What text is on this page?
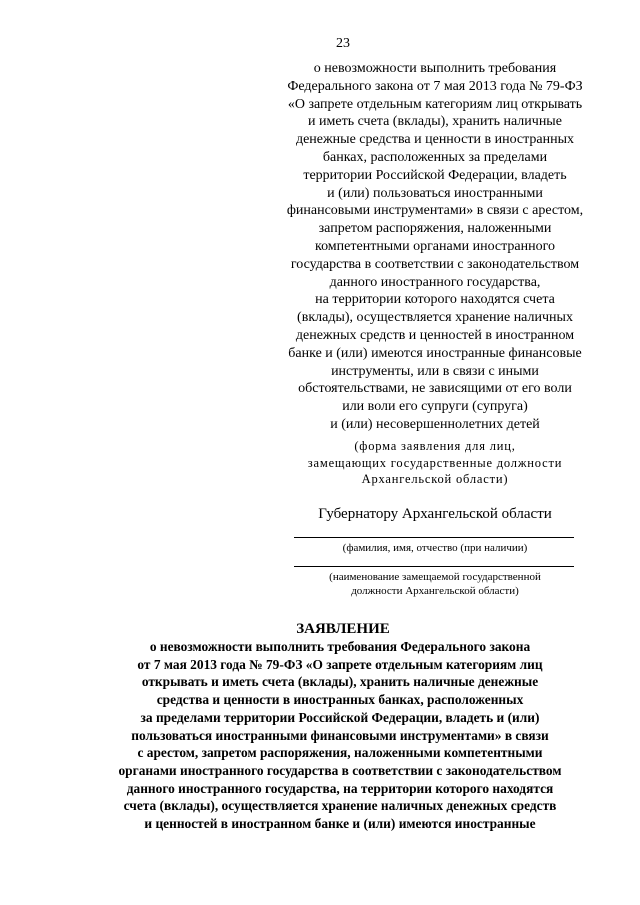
23
о невозможности выполнить требования
Федерального закона от 7 мая 2013 года № 79-ФЗ
«О запрете отдельным категориям лиц открывать
и иметь счета (вклады), хранить наличные
денежные средства и ценности в иностранных
банках, расположенных за пределами
территории Российской Федерации, владеть
и (или) пользоваться иностранными
финансовыми инструментами» в связи с арестом,
запретом распоряжения, наложенными
компетентными органами иностранного
государства в соответствии с законодательством
данного иностранного государства,
на территории которого находятся счета
(вклады), осуществляется хранение наличных
денежных средств и ценностей в иностранном
банке и (или) имеются иностранные финансовые
инструменты, или в связи с иными
обстоятельствами, не зависящими от его воли
или воли его супруги (супруга)
и (или) несовершеннолетних детей
(форма заявления для лиц,
замещающих государственные должности
Архангельской области)
Губернатору Архангельской области
(фамилия, имя, отчество (при наличии)
(наименование замещаемой государственной
должности Архангельской области)
ЗАЯВЛЕНИЕ
о невозможности выполнить требования Федерального закона
от 7 мая 2013 года № 79-ФЗ «О запрете отдельным категориям лиц
открывать и иметь счета (вклады), хранить наличные денежные
средства и ценности в иностранных банках, расположенных
за пределами территории Российской Федерации, владеть и (или)
пользоваться иностранными финансовыми инструментами» в связи
с арестом, запретом распоряжения, наложенными компетентными
органами иностранного государства в соответствии с законодательством
данного иностранного государства, на территории которого находятся
счета (вклады), осуществляется хранение наличных денежных средств
и ценностей в иностранном банке и (или) имеются иностранные
